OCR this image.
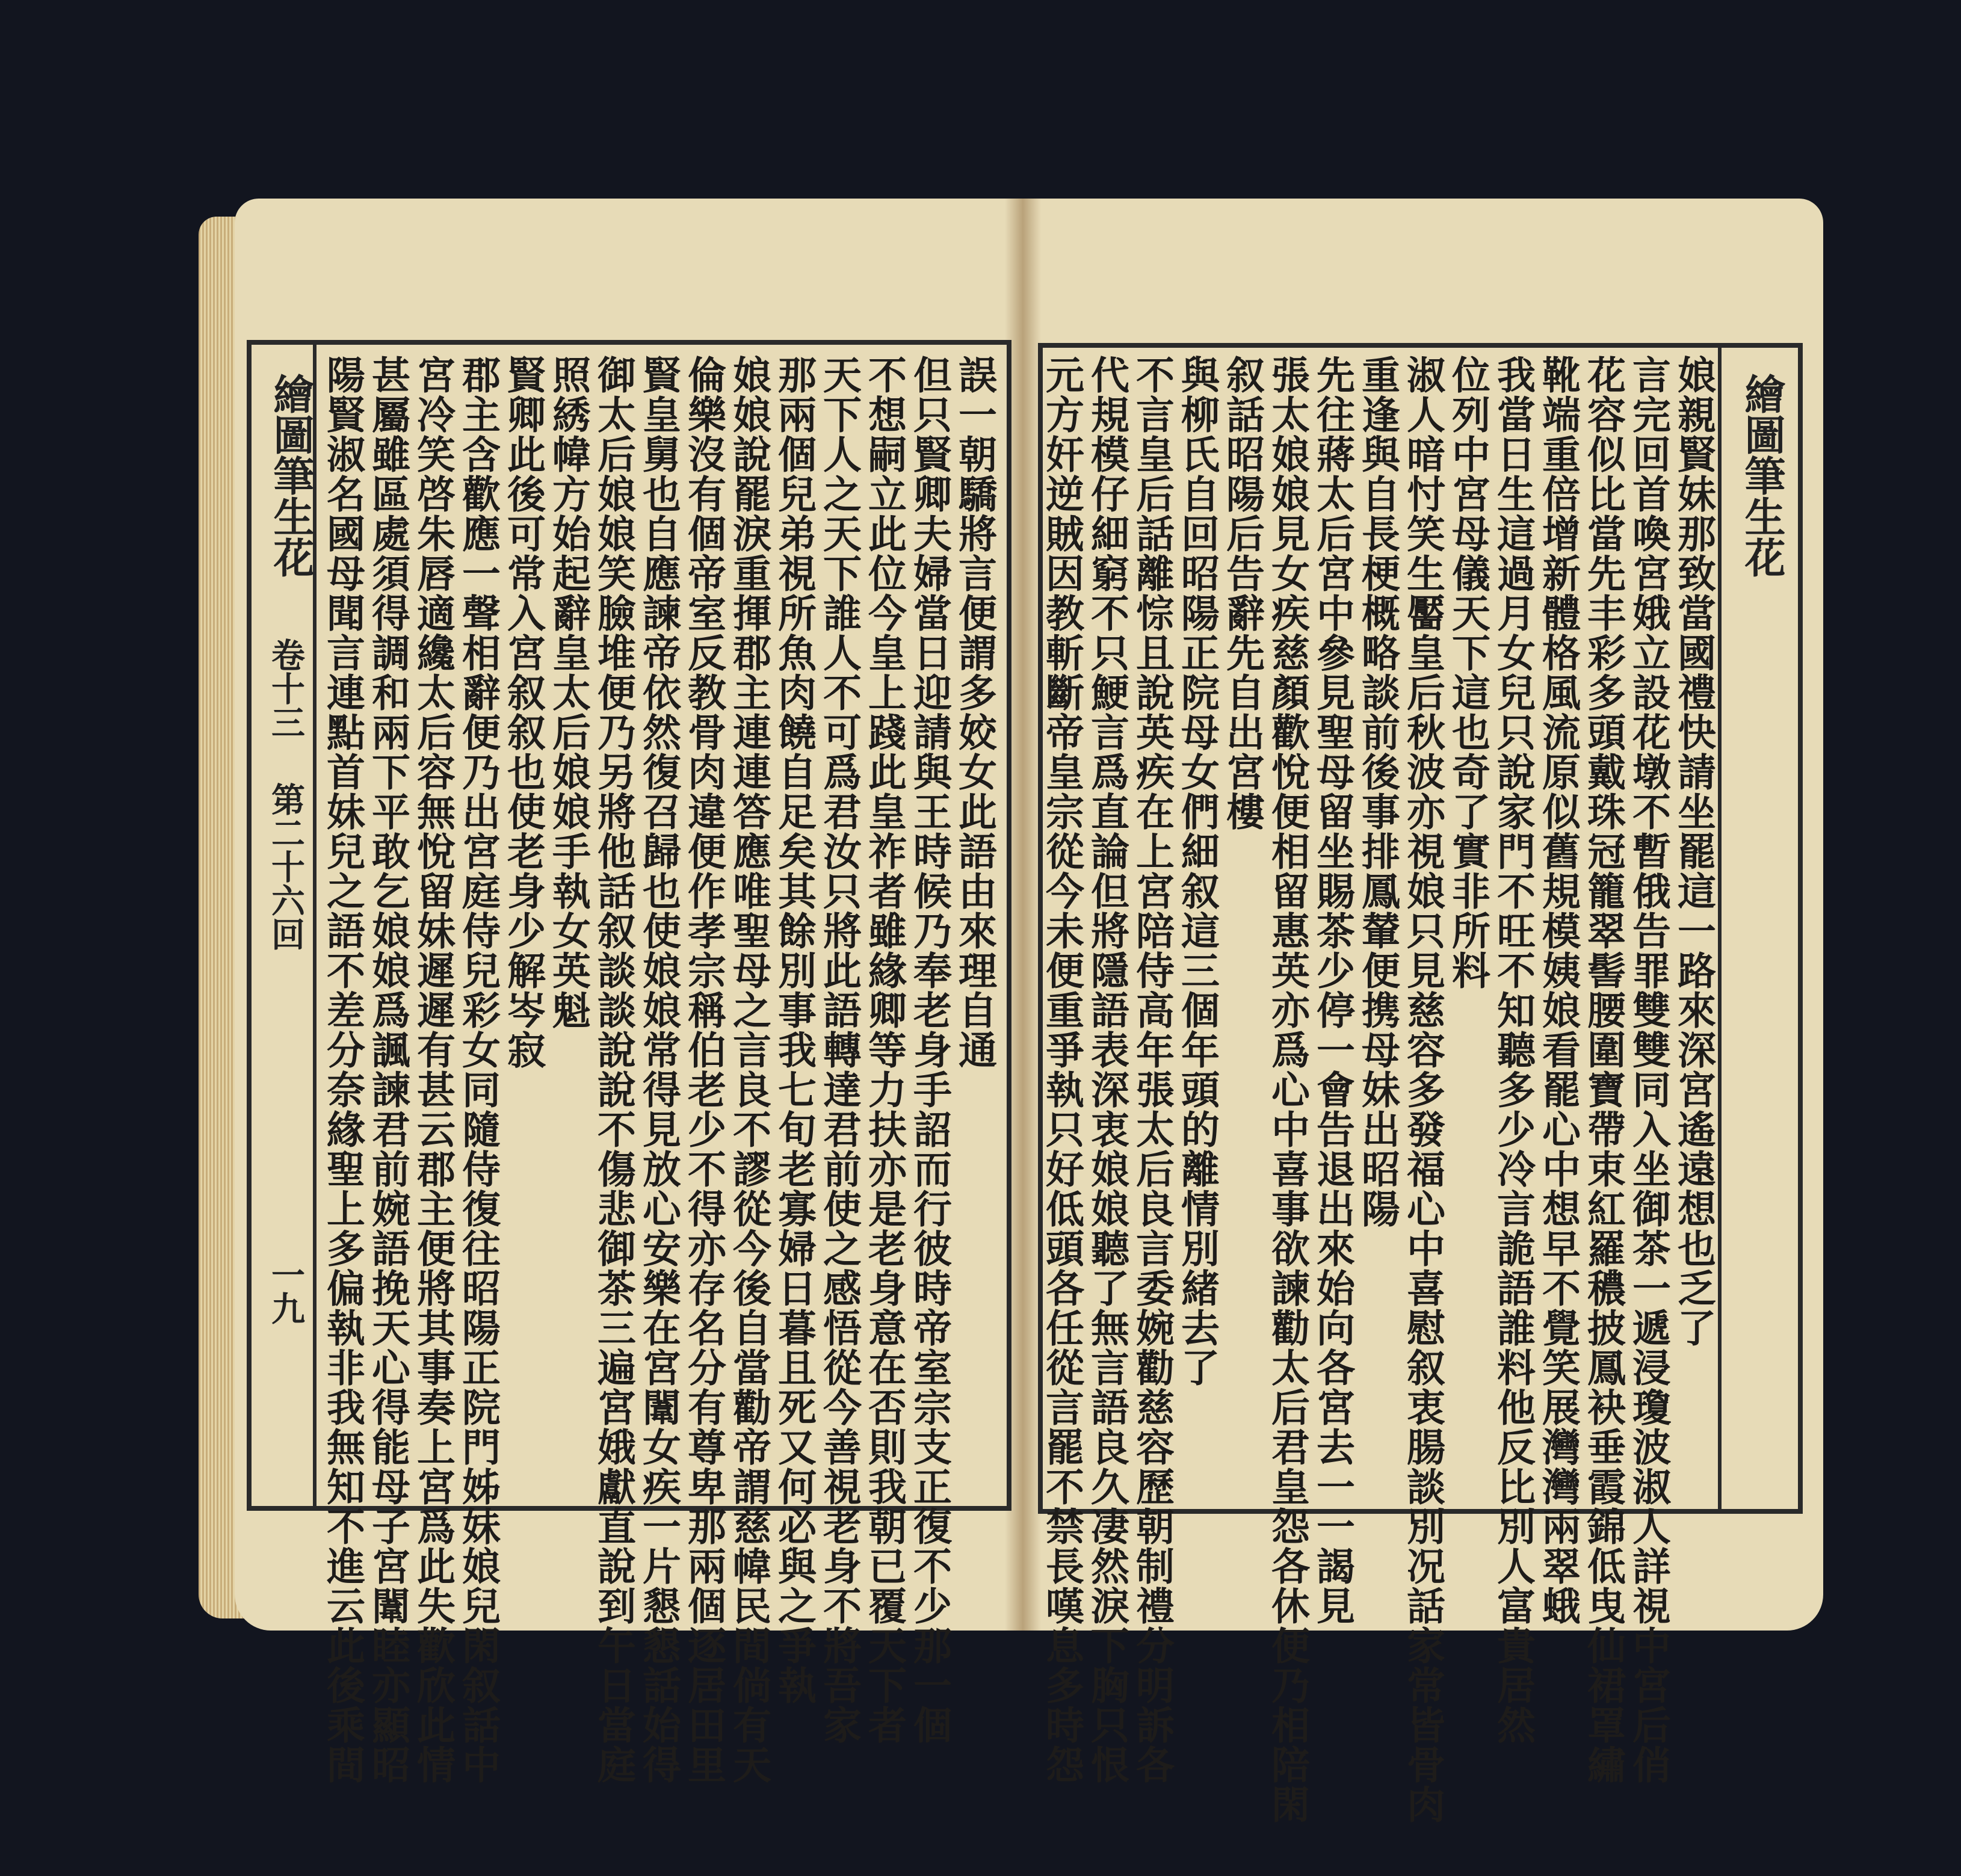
繪圖筆生花
卷十三
第二十六回
一九
誤一朝驕將言便謂多姣女此語由來理自通
但只賢卿夫婦當日迎請與王時候乃奉老身手詔而行彼時帝室宗支正復不少那一個
不想嗣立此位今皇上踐此皇祚者雖緣卿等力扶亦是老身意在否則我朝已覆天下者
天下人之天下誰人不可爲君汝只將此語轉達君前使之感悟從今善視老身不將吾家
那兩個兒弟視所魚肉饒自足矣其餘別事我七旬老寡婦日暮且死又何必與之爭執
娘娘說罷淚重揮郡主連連答應唯聖母之言良不謬從今後自當勸帝謂慈幃民間倘有天
倫樂沒有個帝室反教骨肉違便作孝宗稱伯老少不得亦存名分有尊卑那兩個逐居田里
賢皇舅也自應諫帝依然復召歸也使娘娘常得見放心安樂在宮闈女疾一片懇懇話始得
御太后娘娘笑臉堆便乃另將他話叙談談說說不傷悲御茶三遍宮娥獻直說到午日當庭
照綉幃方始起辭皇太后娘娘手執女英魁
賢卿此後可常入宮叙叙也使老身少解岑寂
郡主含歡應一聲相辭便乃出宮庭侍兒彩女同隨侍復往昭陽正院門姊妹娘兒閑叙話中
宮冷笑啓朱唇適纔太后容無悅留妹遲遲有甚云郡主便將其事奏上宮爲此失歡欣此情
甚屬雖區處須得調和兩下平敢乞娘娘爲諷諫君前婉語挽天心得能母子宮闈睦亦顯昭
陽賢淑名國母聞言連點首妹兒之語不差分奈緣聖上多偏執非我無知不進云此後乘間	繪圖筆生花
娘親賢妹那致當國禮快請坐罷這一路來深宮遙遠想也乏了
言完回首喚宮娥立設花墩不暫俄告罪雙雙同入坐御茶一遞浸瓊波淑人詳視中宮后俏
花容似比當先丰彩多頭戴珠冠籠翠髻腰圍寶帶束紅羅穠披鳳袂垂霞錦低曳仙裙罩繡
靴端重倍增新體格風流原似舊規模姨娘看罷心中想早不覺笑展灣灣兩翠蛾
我當日生這過月女兒只說家門不旺不知聽多少冷言詭語誰料他反比別人富貴居然
位列中宮母儀天下這也奇了實非所料
淑人暗忖笑生靨皇后秋波亦視娘只見慈容多發福心中喜慰叙衷腸談別况話家常皆骨肉
重逢與自長梗概略談前後事排鳳輦便携母妹出昭陽
先往蔣太后宮中參見聖母留坐賜茶少停一會告退出來始向各宮去一一謁見
張太娘娘見女疾慈顏歡悅便相留惠英亦爲心中喜事欲諫勸太后君皇怨各休便乃相陪閑
叙話昭陽后告辭先自出宮樓
與柳氏自回昭陽正院母女們細叙這三個年頭的離情別緒去了
不言皇后話離悰且說英疾在上宮陪侍高年張太后良言委婉勸慈容歷朝制禮分明訴各
代規模仔細窮不只鯁言爲直論但將隱語表深衷娘娘聽了無言語良久凄然淚下胸只恨
元方奸逆賊因教斬斷帝皇宗從今未便重爭執只好低頭各任從言罷不禁長嘆息多時怨
